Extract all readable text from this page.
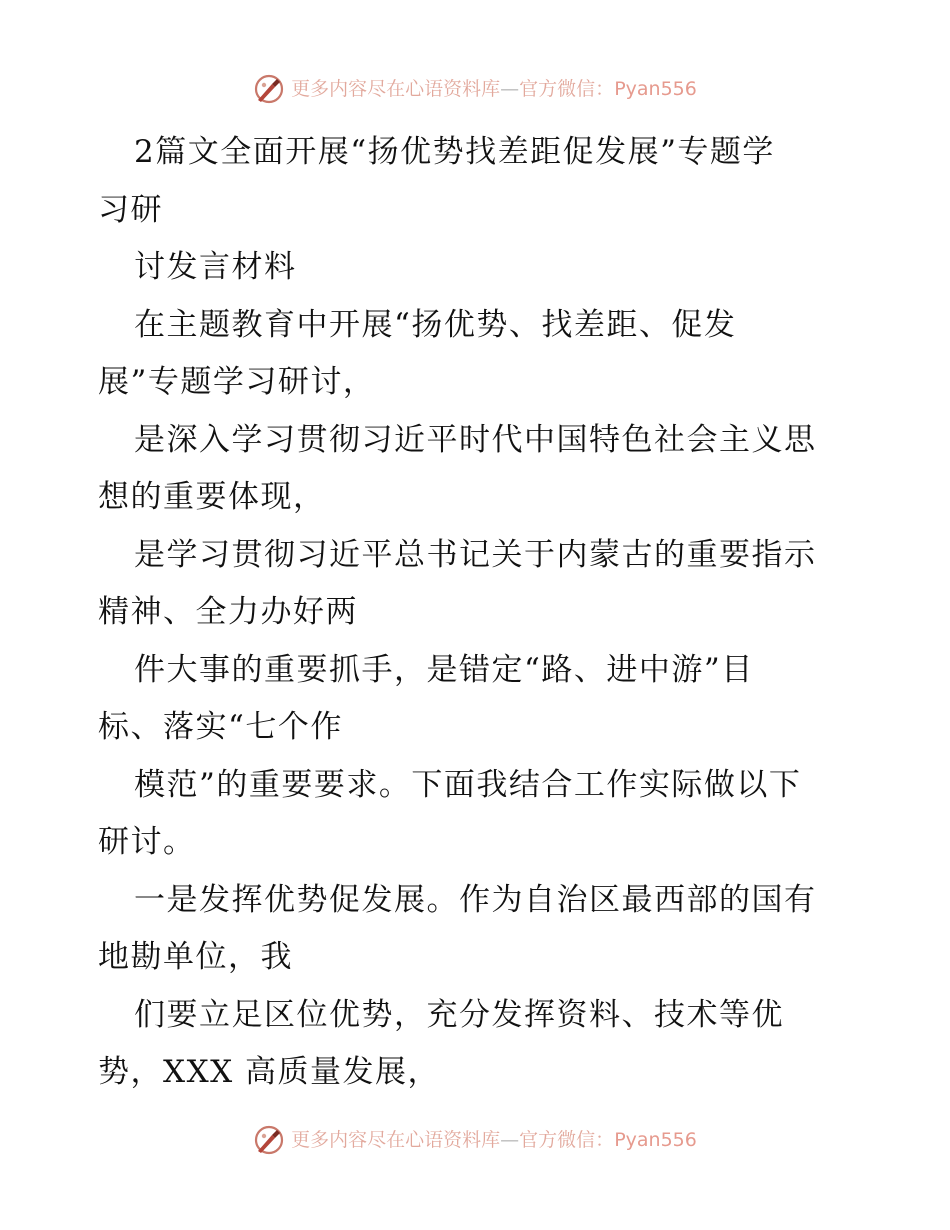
更多内容尽在心语资料库—官方微信：Pyan556

2篇文全面开展“扬优势找差距促发展”专题学

习研

讨发言材料

在主题教育中开展“扬优势、找差距、促发

展”专题学习研讨，

是深入学习贯彻习近平时代中国特色社会主义思

想的重要体现，

是学习贯彻习近平总书记关于内蒙古的重要指示

精神、全力办好两

件大事的重要抓手，是错定“路、进中游”目

标、落实“七个作

模范”的重要要求。下面我结合工作实际做以下

研讨。

一是发挥优势促发展。作为自治区最西部的国有

地勘单位，我

们要立足区位优势，充分发挥资料、技术等优

势，XXX 高质量发展，

更多内容尽在心语资料库—官方微信：Pyan556
